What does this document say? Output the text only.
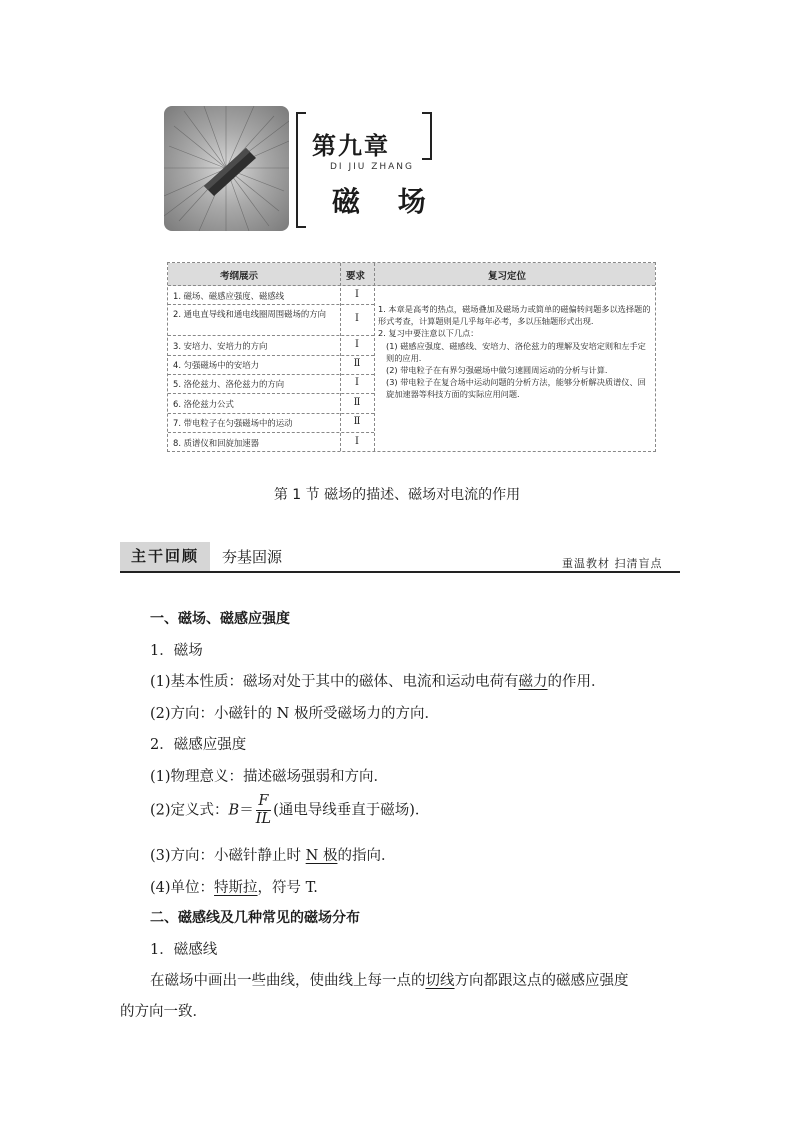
第九章
DI JIU ZHANG
磁 场
考纲展示	要求	复习定位
1. 磁场、磁感应强度、磁感线	Ⅰ
2. 通电直导线和通电线圈周围磁场的方向	Ⅰ
3. 安培力、安培力的方向	Ⅰ
4. 匀强磁场中的安培力	Ⅱ
5. 洛伦兹力、洛伦兹力的方向	Ⅰ
6. 洛伦兹力公式	Ⅱ
7. 带电粒子在匀强磁场中的运动	Ⅱ
8. 质谱仪和回旋加速器	Ⅰ
1. 本章是高考的热点，磁场叠加及磁场力或简单的磁偏转问题多以选择题的形式考查，计算题则是几乎每年必考，多以压轴题形式出现.
2. 复习中要注意以下几点：
(1) 磁感应强度、磁感线、安培力、洛伦兹力的理解及安培定则和左手定则的应用.
(2) 带电粒子在有界匀强磁场中做匀速圆周运动的分析与计算.
(3) 带电粒子在复合场中运动问题的分析方法，能够分析解决质谱仪、回旋加速器等科技方面的实际应用问题.
第 1 节 磁场的描述、磁场对电流的作用
主干回顾	夯基固源	重温教材 扫清盲点
一、磁场、磁感应强度
1．磁场
(1)基本性质：磁场对处于其中的磁体、电流和运动电荷有磁力的作用．
(2)方向：小磁针的 N 极所受磁场力的方向．
2．磁感应强度
(1)物理意义：描述磁场强弱和方向．
(2)定义式：$B= \frac{F}{IL}$ (通电导线垂直于磁场)．
(3)方向：小磁针静止时 N 极的指向．
(4)单位：特斯拉，符号 T.
二、磁感线及几种常见的磁场分布
1．磁感线
在磁场中画出一些曲线，使曲线上每一点的切线方向都跟这点的磁感应强度
的方向一致．
